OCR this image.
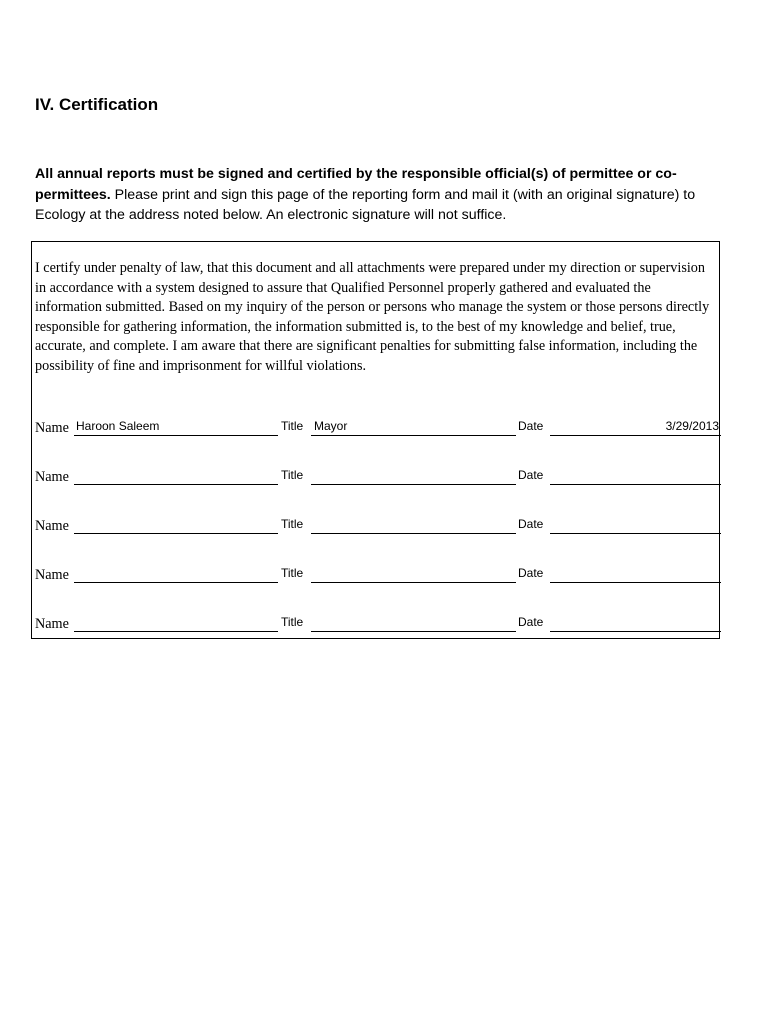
IV. Certification

All annual reports must be signed and certified by the responsible official(s) of permittee or co-permittees. Please print and sign this page of the reporting form and mail it (with an original signature) to Ecology at the address noted below. An electronic signature will not suffice.

I certify under penalty of law, that this document and all attachments were prepared under my direction or supervision in accordance with a system designed to assure that Qualified Personnel properly gathered and evaluated the information submitted. Based on my inquiry of the person or persons who manage the system or those persons directly responsible for gathering information, the information submitted is, to the best of my knowledge and belief, true, accurate, and complete. I am aware that there are significant penalties for submitting false information, including the possibility of fine and imprisonment for willful violations.

Name Haroon Saleem	Title Mayor	Date	3/29/2013
Name	Title	Date
Name	Title	Date
Name	Title	Date
Name	Title	Date
